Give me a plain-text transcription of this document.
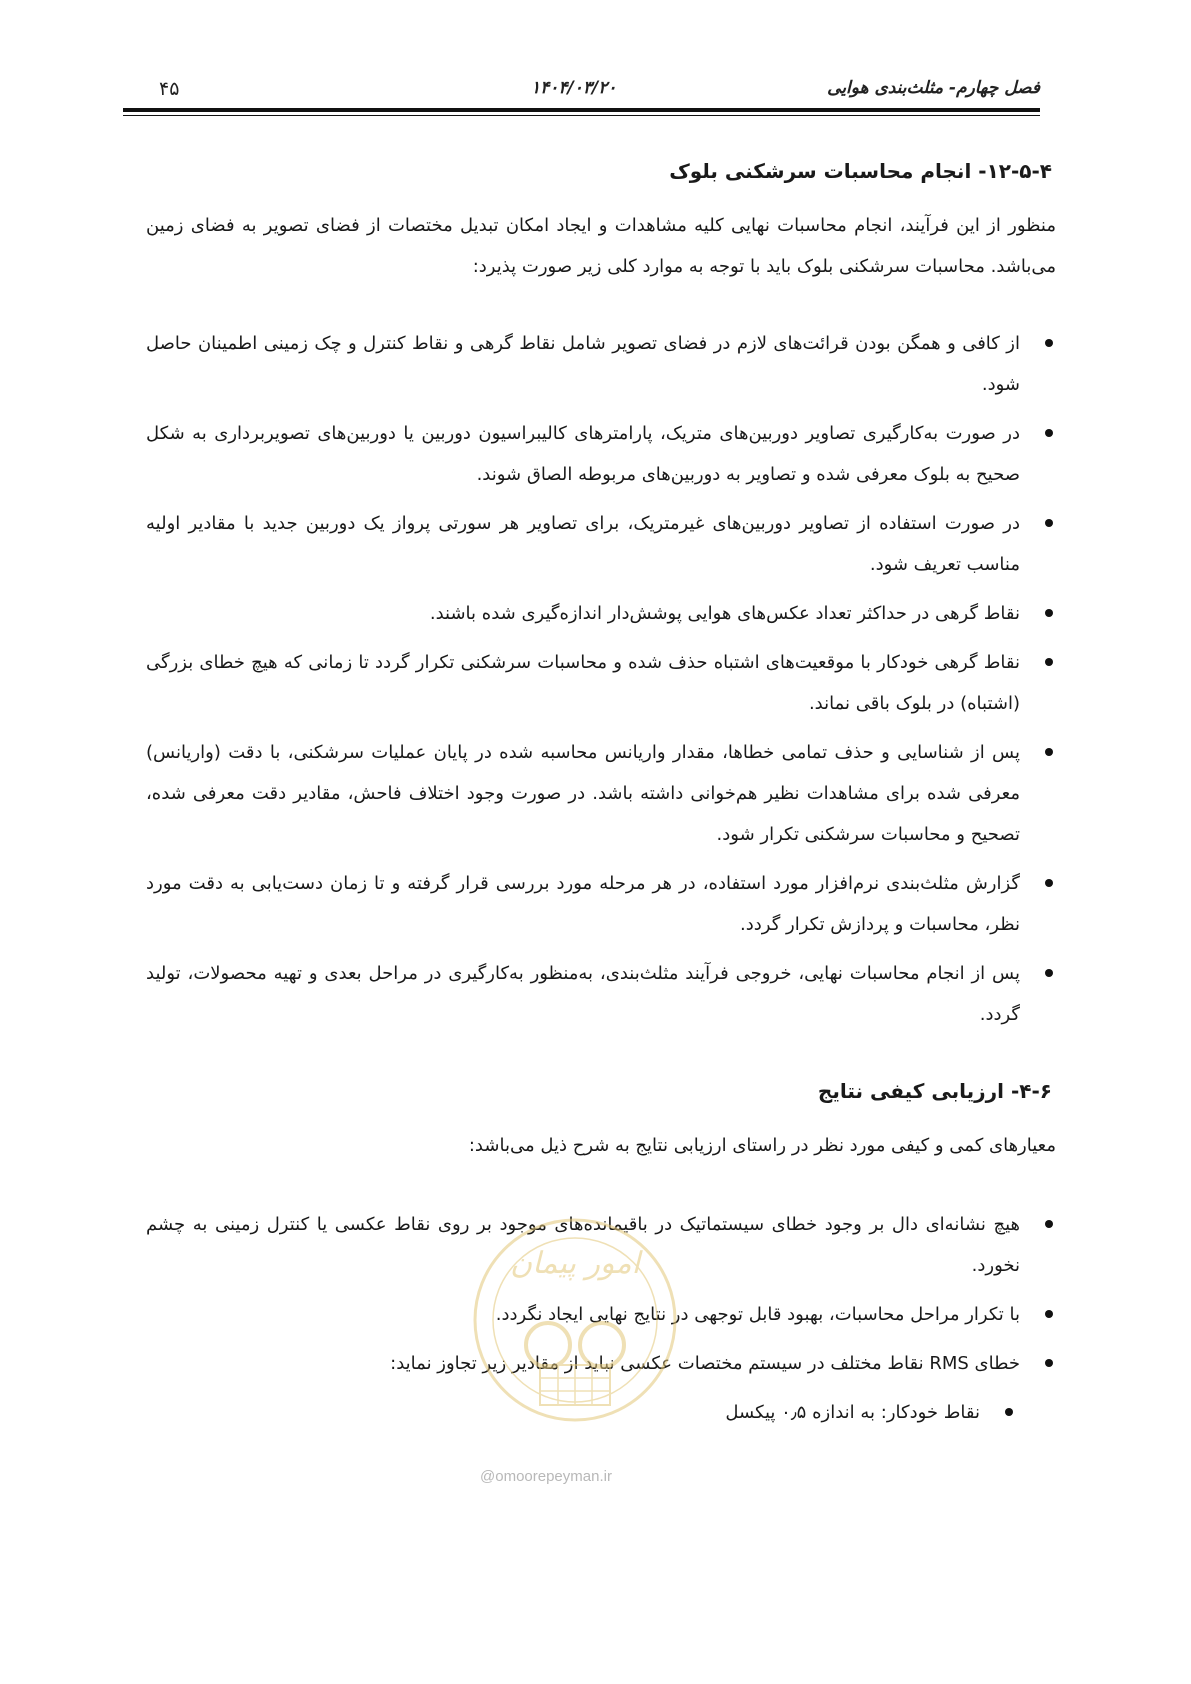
فصل چهارم- مثلث‌بندی هوایی
۱۴۰۴/۰۳/۲۰
۴۵
۱۲-۵-۴- انجام محاسبات سرشکنی بلوک

منظور از این فرآیند، انجام محاسبات نهایی کلیه مشاهدات و ایجاد امکان تبدیل مختصات از فضای تصویر به فضای زمین می‌باشد. محاسبات سرشکنی بلوک باید با توجه به موارد کلی زیر صورت پذیرد:

از کافی و همگن بودن قرائت‌های لازم در فضای تصویر شامل نقاط گرهی و نقاط کنترل و چک زمینی اطمینان حاصل شود.
در صورت به‌کارگیری تصاویر دوربین‌های متریک، پارامترهای کالیبراسیون دوربین یا دوربین‌های تصویربرداری به شکل صحیح به بلوک معرفی شده و تصاویر به دوربین‌های مربوطه الصاق شوند.
در صورت استفاده از تصاویر دوربین‌های غیرمتریک، برای تصاویر هر سورتی پرواز یک دوربین جدید با مقادیر اولیه مناسب تعریف شود.
نقاط گرهی در حداکثر تعداد عکس‌های هوایی پوشش‌دار اندازه‌گیری شده باشند.
نقاط گرهی خودکار با موقعیت‌های اشتباه حذف شده و محاسبات سرشکنی تکرار گردد تا زمانی که هیچ خطای بزرگی (اشتباه) در بلوک باقی نماند.
پس از شناسایی و حذف تمامی خطاها، مقدار واریانس محاسبه شده در پایان عملیات سرشکنی، با دقت (واریانس) معرفی شده برای مشاهدات نظیر هم‌خوانی داشته باشد. در صورت وجود اختلاف فاحش، مقادیر دقت معرفی شده، تصحیح و محاسبات سرشکنی تکرار شود.
گزارش مثلث‌بندی نرم‌افزار مورد استفاده، در هر مرحله مورد بررسی قرار گرفته و تا زمان دست‌یابی به دقت مورد نظر، محاسبات و پردازش تکرار گردد.
پس از انجام محاسبات نهایی، خروجی فرآیند مثلث‌بندی، به‌منظور به‌کارگیری در مراحل بعدی و تهیه محصولات، تولید گردد.
۴-۶- ارزیابی کیفی نتایج

معیارهای کمی و کیفی مورد نظر در راستای ارزیابی نتایج به شرح ذیل می‌باشد:

هیچ نشانه‌ای دال بر وجود خطای سیستماتیک در باقیمانده‌های موجود بر روی نقاط عکسی یا کنترل زمینی به چشم نخورد.
با تکرار مراحل محاسبات، بهبود قابل توجهی در نتایج نهایی ایجاد نگردد.
خطای RMS نقاط مختلف در سیستم مختصات عکسی نباید از مقادیر زیر تجاوز نماید:
نقاط خودکار: به اندازه ۰٫۵ پیکسل
امور پیمان
@omoorepeyman.ir
